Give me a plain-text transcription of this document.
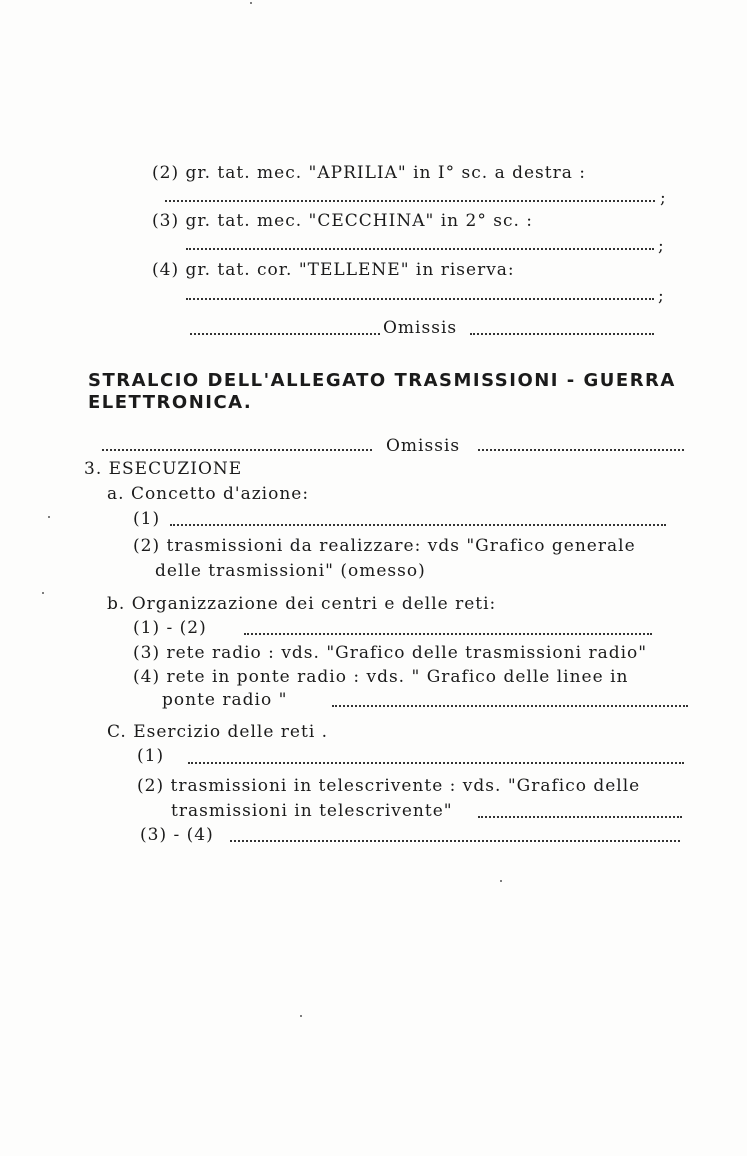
(2) gr. tat. mec. "APRILIA" in I° sc. a destra :
;
(3) gr. tat. mec. "CECCHINA" in 2° sc. :
;
(4) gr. tat. cor. "TELLENE" in riserva:
;
Omissis
STRALCIO DELL'ALLEGATO TRASMISSIONI - GUERRA
ELETTRONICA.
Omissis
3. ESECUZIONE
a. Concetto d'azione:
(1)
(2) trasmissioni da realizzare: vds "Grafico generale
delle trasmissioni" (omesso)
b. Organizzazione dei centri e delle reti:
(1) - (2)
(3) rete radio : vds. "Grafico delle trasmissioni radio"
(4) rete in ponte radio : vds. " Grafico delle linee in
ponte radio "
C. Esercizio delle reti .
(1)
(2) trasmissioni in telescrivente : vds. "Grafico delle
trasmissioni in telescrivente"
(3) - (4)
